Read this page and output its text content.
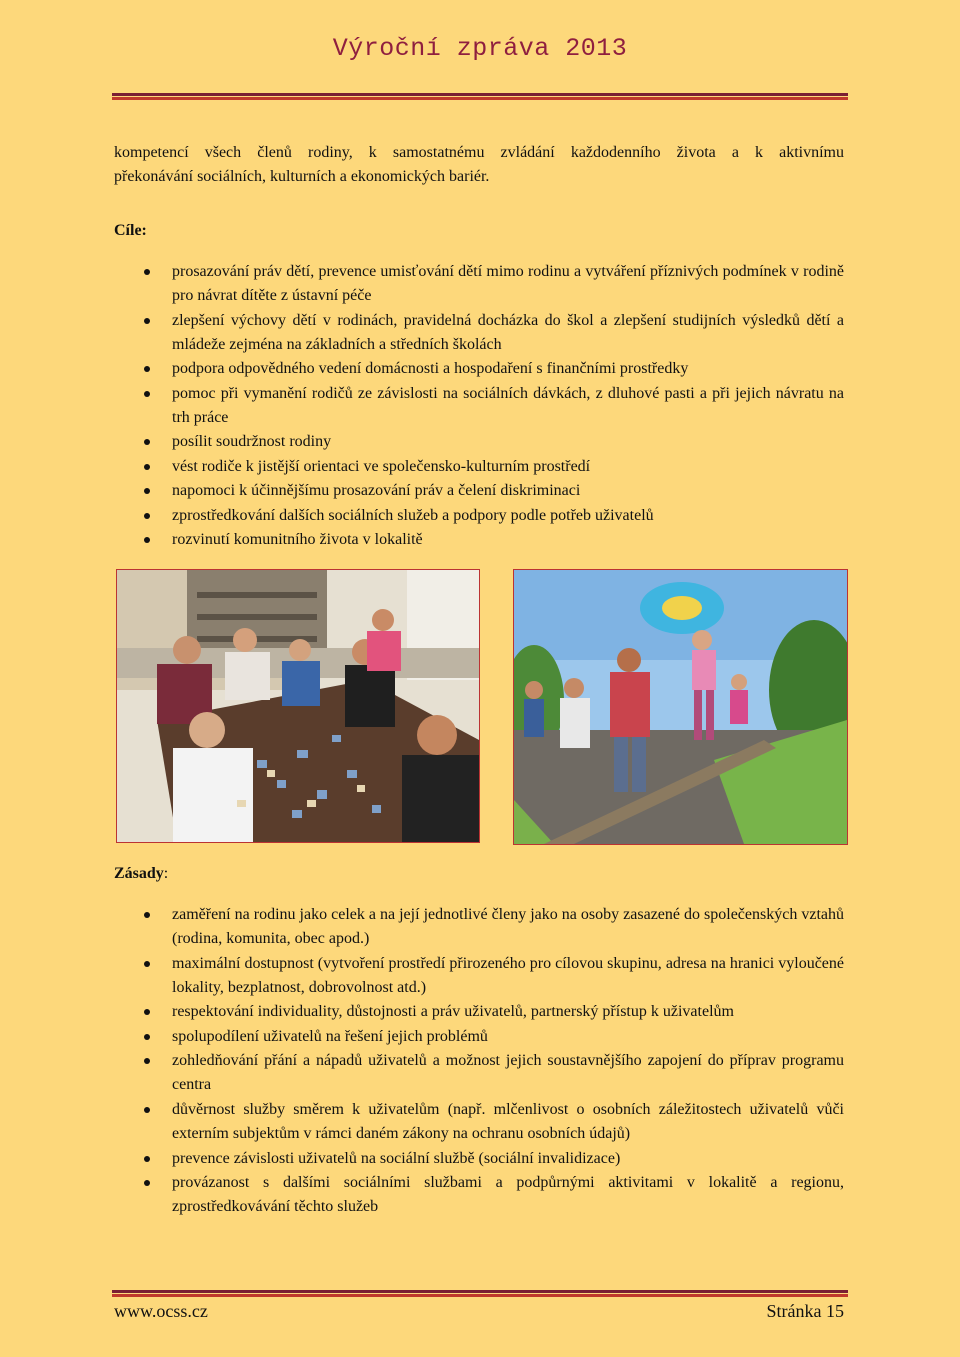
Výroční zpráva 2013
kompetencí všech členů rodiny, k samostatnému zvládání každodenního života a k aktivnímu
překonávání sociálních, kulturních a ekonomických bariér.
Cíle:
prosazování práv dětí, prevence umisťování dětí mimo rodinu a vytváření příznivých podmínek v rodině pro návrat dítěte z ústavní péče
zlepšení výchovy dětí v rodinách, pravidelná docházka do škol a zlepšení studijních výsledků dětí a mládeže zejména na základních a středních školách
podpora odpovědného vedení domácnosti a hospodaření s finančními prostředky
pomoc při vymanění rodičů ze závislosti na sociálních dávkách, z dluhové pasti a při jejich návratu na trh práce
posílit soudržnost rodiny
vést rodiče k jistější orientaci ve společensko-kulturním prostředí
napomoci k účinnějšímu prosazování práv a čelení diskriminaci
zprostředkování dalších sociálních služeb a podpory podle potřeb uživatelů
rozvinutí komunitního života v lokalitě
Zásady:
zaměření na rodinu jako celek a na její jednotlivé členy jako na osoby zasazené do společenských vztahů (rodina, komunita, obec apod.)
maximální dostupnost (vytvoření prostředí přirozeného pro cílovou skupinu, adresa na hranici vyloučené lokality, bezplatnost, dobrovolnost atd.)
respektování individuality, důstojnosti a práv uživatelů, partnerský přístup k uživatelům
spolupodílení uživatelů na řešení jejich problémů
zohledňování přání a nápadů uživatelů a možnost jejich soustavnějšího zapojení do příprav programu centra
důvěrnost služby směrem k uživatelům (např. mlčenlivost o osobních záležitostech uživatelů vůči externím subjektům v rámci daném zákony na ochranu osobních údajů)
prevence závislosti uživatelů na sociální službě (sociální invalidizace)
provázanost s dalšími sociálními službami a podpůrnými aktivitami v lokalitě a regionu, zprostředkovávání těchto služeb
www.ocss.cz	Stránka 15
